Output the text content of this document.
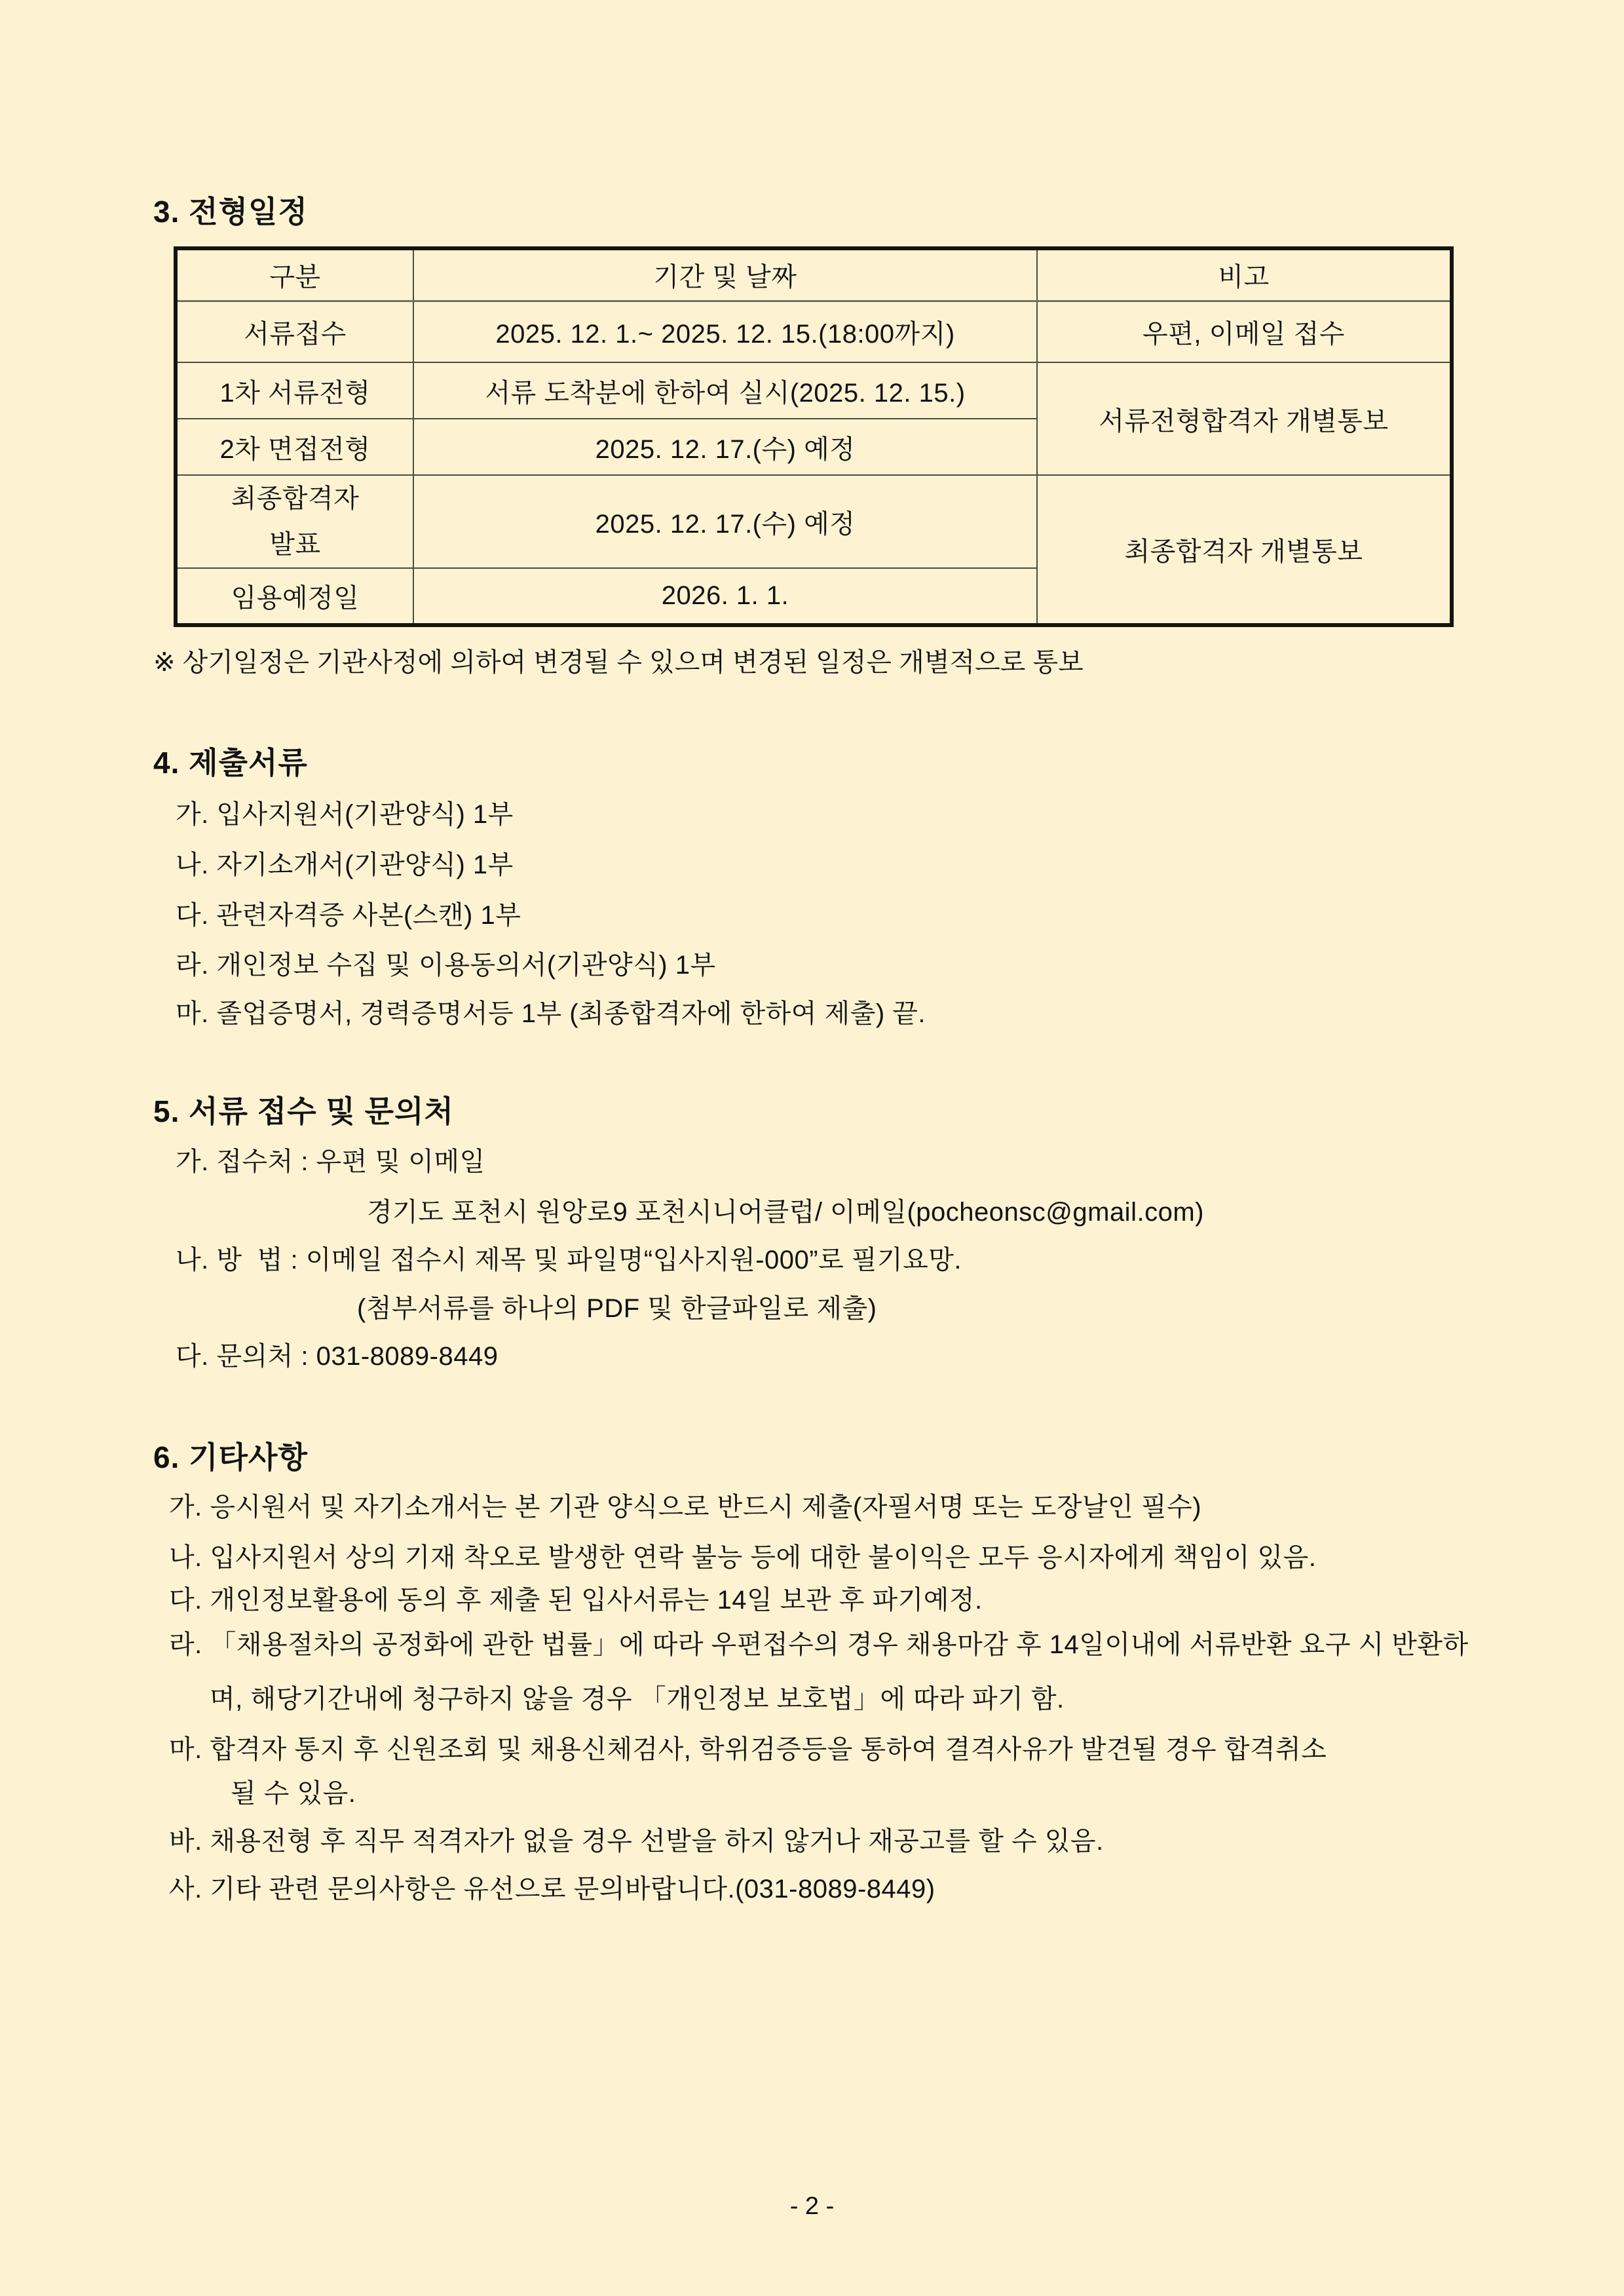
3. 전형일정
구분	기간 및 날짜	비고
서류접수	2025. 12. 1.~ 2025. 12. 15.(18:00까지)	우편, 이메일 접수
1차 서류전형	서류 도착분에 한하여 실시(2025. 12. 15.)	서류전형합격자 개별통보
2차 면접전형	2025. 12. 17.(수) 예정	

최종합격자 발표	2025. 12. 17.(수) 예정	최종합격자 개별통보
임용예정일	2026. 1. 1.	
※ 상기일정은 기관사정에 의하여 변경될 수 있으며 변경된 일정은 개별적으로 통보
4. 제출서류
가. 입사지원서(기관양식) 1부
나. 자기소개서(기관양식) 1부
다. 관련자격증 사본(스캔) 1부
라. 개인정보 수집 및 이용동의서(기관양식) 1부
마. 졸업증명서, 경력증명서등 1부 (최종합격자에 한하여 제출) 끝.
5. 서류 접수 및 문의처
가. 접수처 : 우편 및 이메일
경기도 포천시 원앙로9 포천시니어클럽/ 이메일(pocheonsc@gmail.com)
나. 방  법 : 이메일 접수시 제목 및 파일명“입사지원-000”로 필기요망.
(첨부서류를 하나의 PDF 및 한글파일로 제출)
다. 문의처 : 031-8089-8449
6. 기타사항
가. 응시원서 및 자기소개서는 본 기관 양식으로 반드시 제출(자필서명 또는 도장날인 필수)
나. 입사지원서 상의 기재 착오로 발생한 연락 불능 등에 대한 불이익은 모두 응시자에게 책임이 있음.
다. 개인정보활용에 동의 후 제출 된 입사서류는 14일 보관 후 파기예정.
라. 「채용절차의 공정화에 관한 법률」에 따라 우편접수의 경우 채용마감 후 14일이내에 서류반환 요구 시 반환하
며, 해당기간내에 청구하지 않을 경우 「개인정보 보호법」에 따라 파기 함.
마. 합격자 통지 후 신원조회 및 채용신체검사, 학위검증등을 통하여 결격사유가 발견될 경우 합격취소
될 수 있음.
바. 채용전형 후 직무 적격자가 없을 경우 선발을 하지 않거나 재공고를 할 수 있음.
사. 기타 관련 문의사항은 유선으로 문의바랍니다.(031-8089-8449)
- 2 -
